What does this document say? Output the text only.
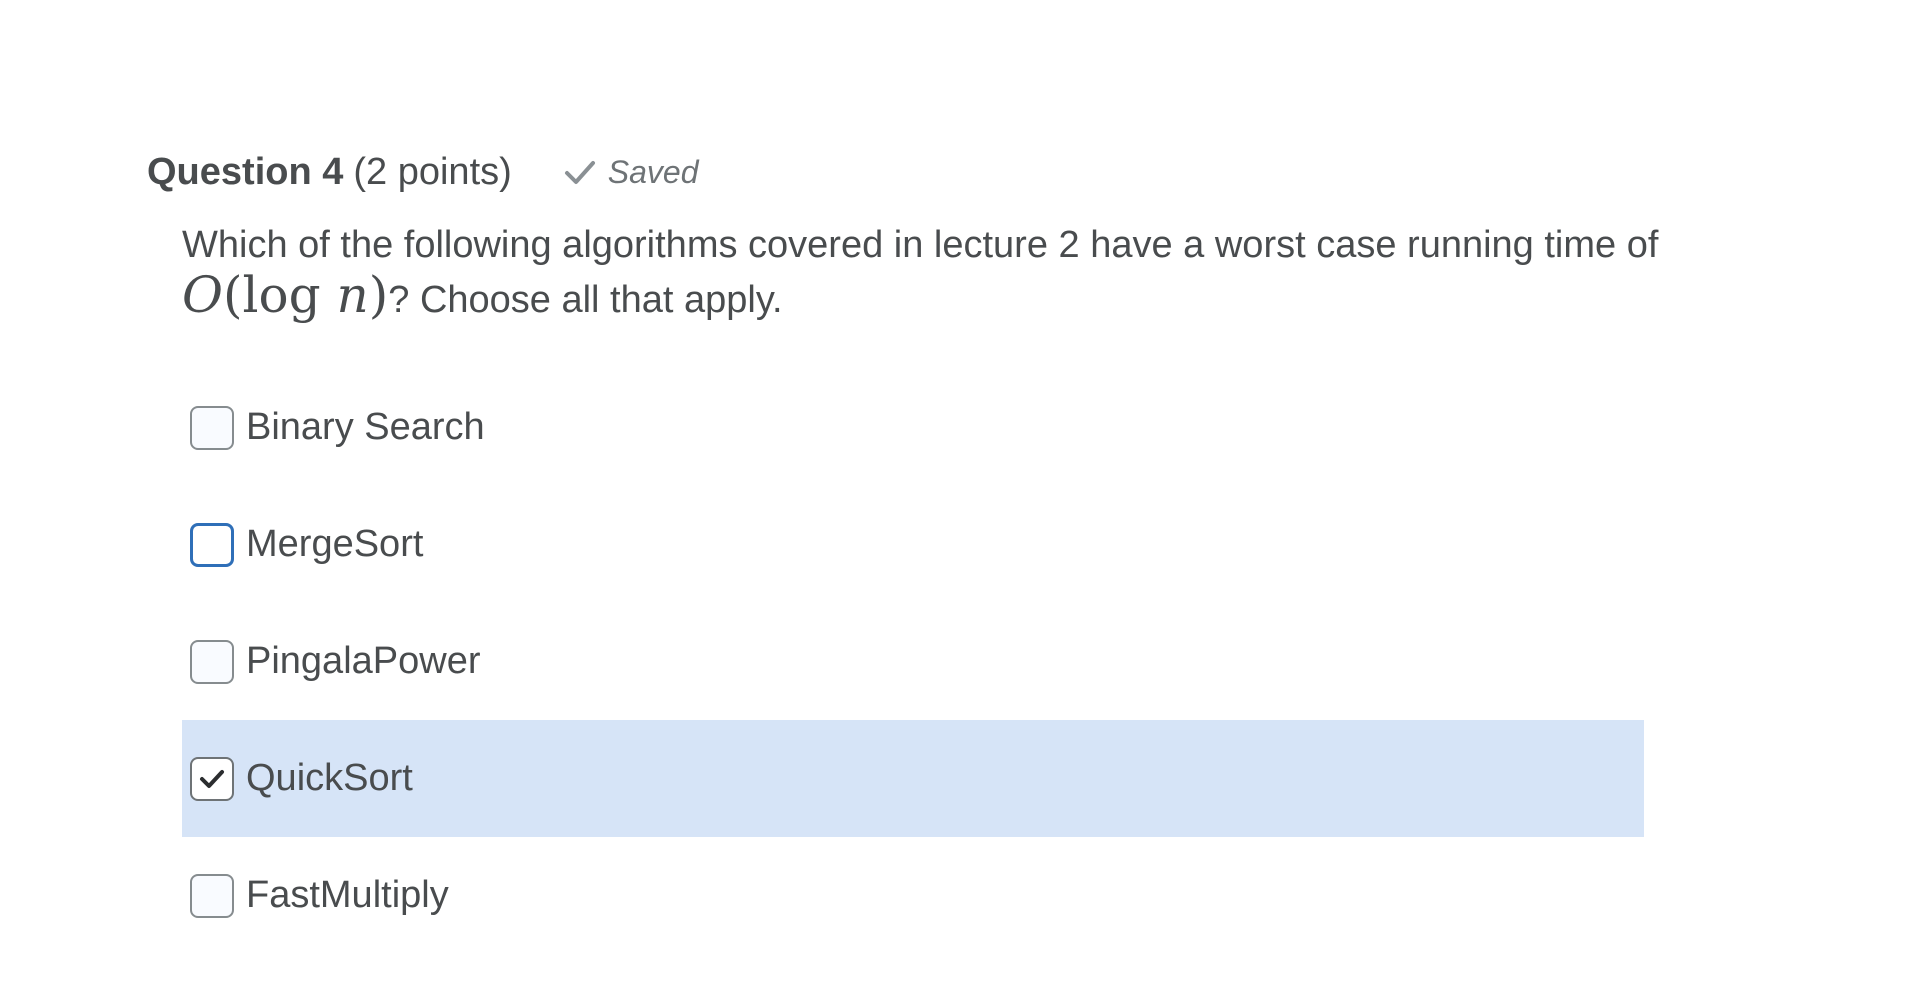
Question 4 (2 points)	Saved
Which of the following algorithms covered in lecture 2 have a worst case running time of O(log n)? Choose all that apply.
Binary Search
MergeSort
PingalaPower
QuickSort
FastMultiply
